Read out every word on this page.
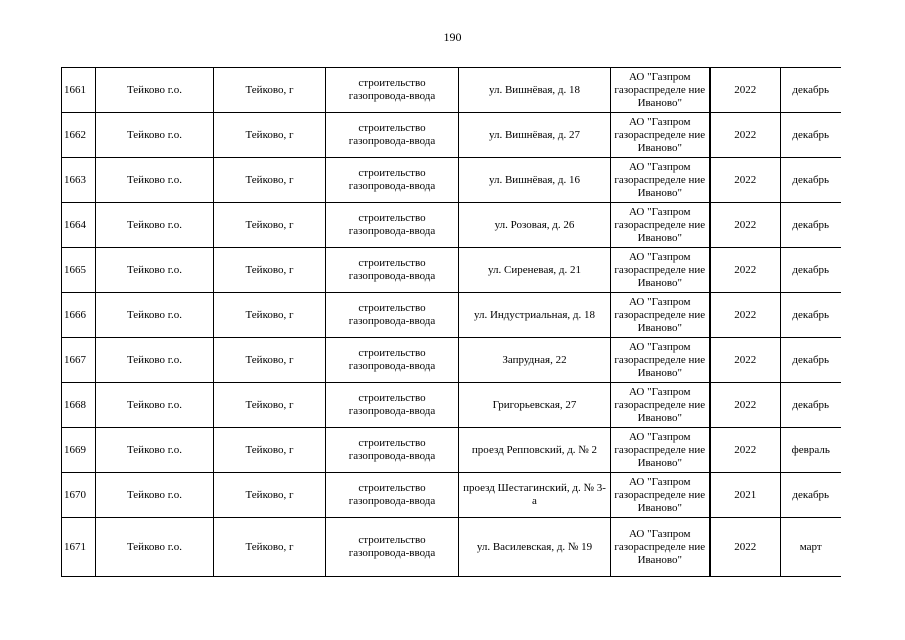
190
1661	Тейково г.о.	Тейково, г	строительство газопровода-ввода	ул. Вишнёвая, д. 18	АО "Газпром газораспределе ние Иваново"	2022	декабрь
1662	Тейково г.о.	Тейково, г	строительство газопровода-ввода	ул. Вишнёвая, д. 27	АО "Газпром газораспределе ние Иваново"	2022	декабрь
1663	Тейково г.о.	Тейково, г	строительство газопровода-ввода	ул. Вишнёвая, д. 16	АО "Газпром газораспределе ние Иваново"	2022	декабрь
1664	Тейково г.о.	Тейково, г	строительство газопровода-ввода	ул. Розовая, д. 26	АО "Газпром газораспределе ние Иваново"	2022	декабрь
1665	Тейково г.о.	Тейково, г	строительство газопровода-ввода	ул. Сиреневая, д. 21	АО "Газпром газораспределе ние Иваново"	2022	декабрь
1666	Тейково г.о.	Тейково, г	строительство газопровода-ввода	ул. Индустриальная, д. 18	АО "Газпром газораспределе ние Иваново"	2022	декабрь
1667	Тейково г.о.	Тейково, г	строительство газопровода-ввода	Запрудная, 22	АО "Газпром газораспределе ние Иваново"	2022	декабрь
1668	Тейково г.о.	Тейково, г	строительство газопровода-ввода	Григорьевская, 27	АО "Газпром газораспределе ние Иваново"	2022	декабрь
1669	Тейково г.о.	Тейково, г	строительство газопровода-ввода	проезд Репповский, д. № 2	АО "Газпром газораспределе ние Иваново"	2022	февраль
1670	Тейково г.о.	Тейково, г	строительство газопровода-ввода	проезд Шестагинский, д. № 3-а	АО "Газпром газораспределе ние Иваново"	2021	декабрь
1671	Тейково г.о.	Тейково, г	строительство газопровода-ввода	ул. Василевская, д. № 19	АО "Газпром газораспределе ние Иваново"	2022	март
